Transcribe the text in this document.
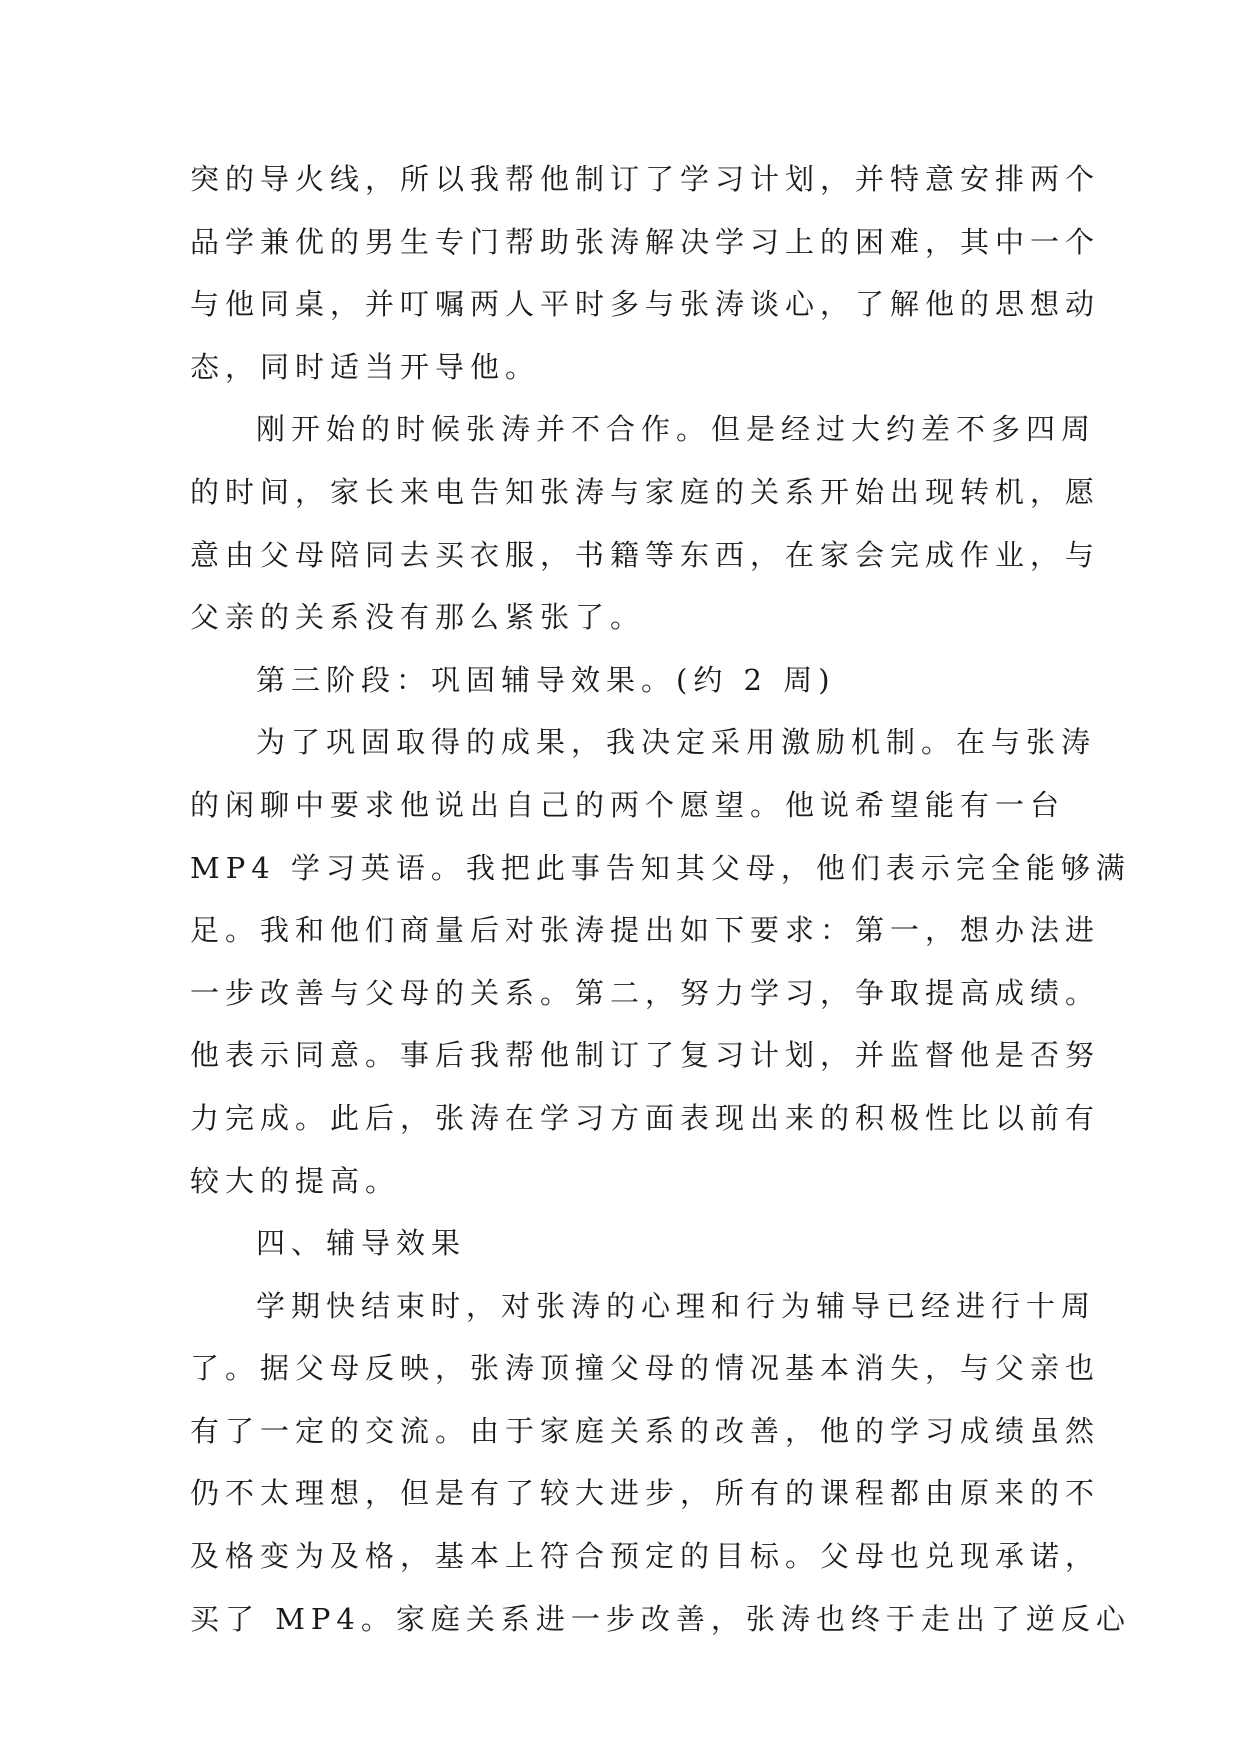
突的导火线，所以我帮他制订了学习计划，并特意安排两个
品学兼优的男生专门帮助张涛解决学习上的困难，其中一个
与他同桌，并叮嘱两人平时多与张涛谈心，了解他的思想动
态，同时适当开导他。
刚开始的时候张涛并不合作。但是经过大约差不多四周
的时间，家长来电告知张涛与家庭的关系开始出现转机，愿
意由父母陪同去买衣服，书籍等东西，在家会完成作业，与
父亲的关系没有那么紧张了。
第三阶段：巩固辅导效果。(约 2 周)
为了巩固取得的成果，我决定采用激励机制。在与张涛
的闲聊中要求他说出自己的两个愿望。他说希望能有一台
MP4 学习英语。我把此事告知其父母，他们表示完全能够满
足。我和他们商量后对张涛提出如下要求：第一，想办法进
一步改善与父母的关系。第二，努力学习，争取提高成绩。
他表示同意。事后我帮他制订了复习计划，并监督他是否努
力完成。此后，张涛在学习方面表现出来的积极性比以前有
较大的提高。
四、辅导效果
学期快结束时，对张涛的心理和行为辅导已经进行十周
了。据父母反映，张涛顶撞父母的情况基本消失，与父亲也
有了一定的交流。由于家庭关系的改善，他的学习成绩虽然
仍不太理想，但是有了较大进步，所有的课程都由原来的不
及格变为及格，基本上符合预定的目标。父母也兑现承诺，
买了 MP4。家庭关系进一步改善，张涛也终于走出了逆反心
